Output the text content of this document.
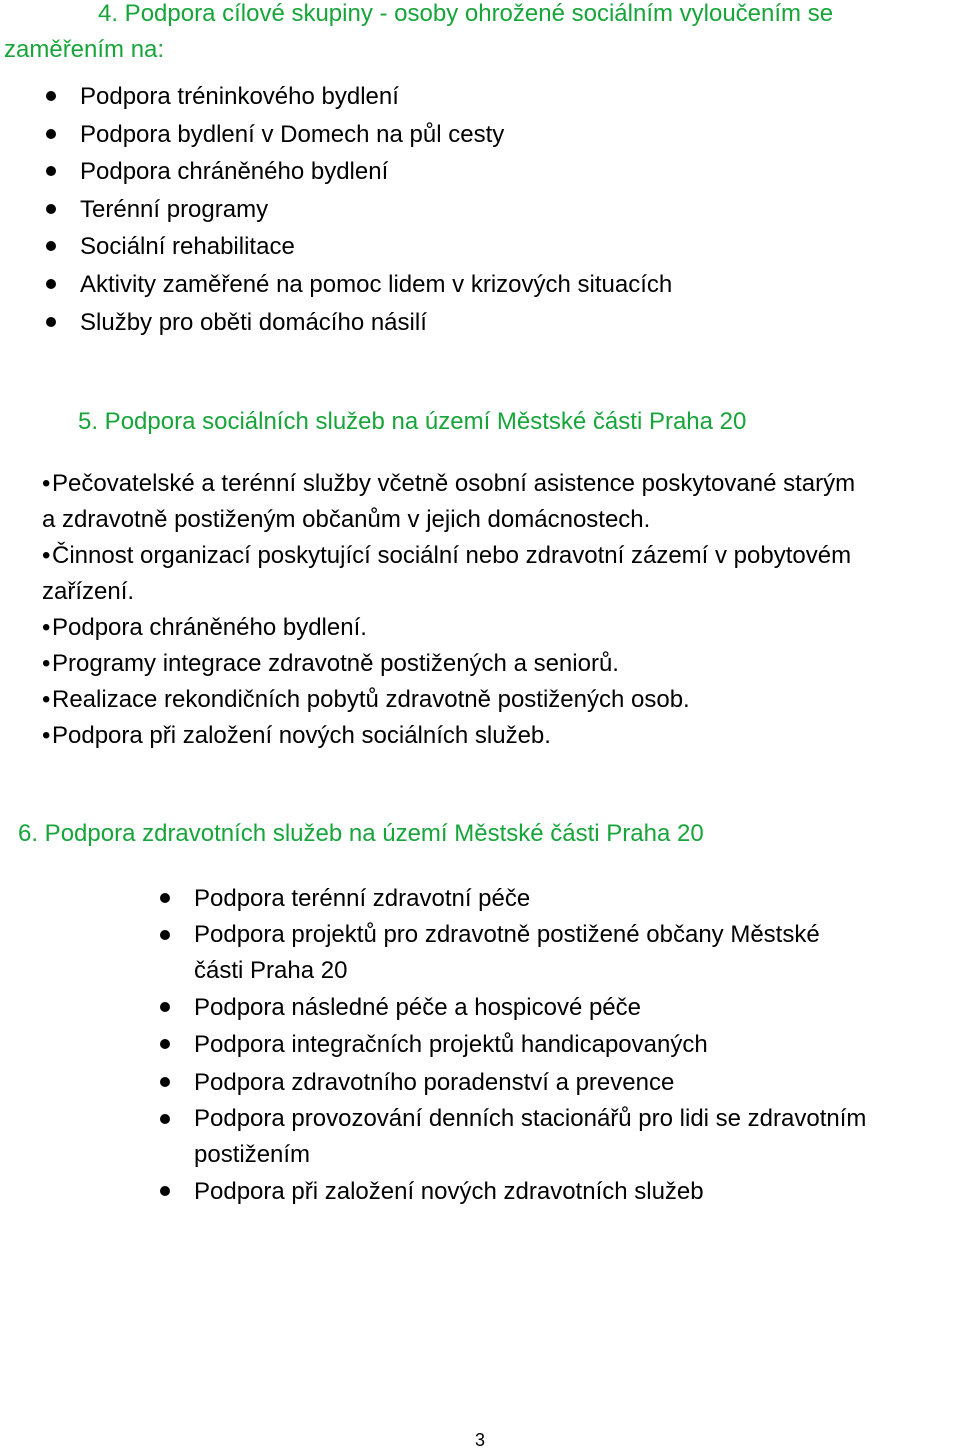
4. Podpora cílové skupiny - osoby ohrožené sociálním vyloučením se zaměřením na:
Podpora tréninkového bydlení
Podpora bydlení v Domech na půl cesty
Podpora chráněného bydlení
Terénní programy
Sociální rehabilitace
Aktivity zaměřené na pomoc lidem v krizových situacích
Služby pro oběti domácího násilí
5. Podpora sociálních služeb na území Městské části Praha 20
•Pečovatelské a terénní služby včetně osobní asistence poskytované starým
a zdravotně postiženým občanům v jejich domácnostech.
•Činnost organizací poskytující sociální nebo zdravotní zázemí v pobytovém
zařízení.
•Podpora chráněného bydlení.
•Programy integrace zdravotně postižených a seniorů.
•Realizace rekondičních pobytů zdravotně postižených osob.
•Podpora při založení nových sociálních služeb.
6. Podpora zdravotních služeb na území Městské části Praha 20
Podpora terénní zdravotní péče
Podpora projektů pro zdravotně postižené občany Městské
části Praha 20
Podpora následné péče a hospicové péče
Podpora integračních projektů handicapovaných
Podpora zdravotního poradenství a prevence
Podpora provozování denních stacionářů pro lidi se zdravotním
postižením
Podpora při založení nových zdravotních služeb
3
